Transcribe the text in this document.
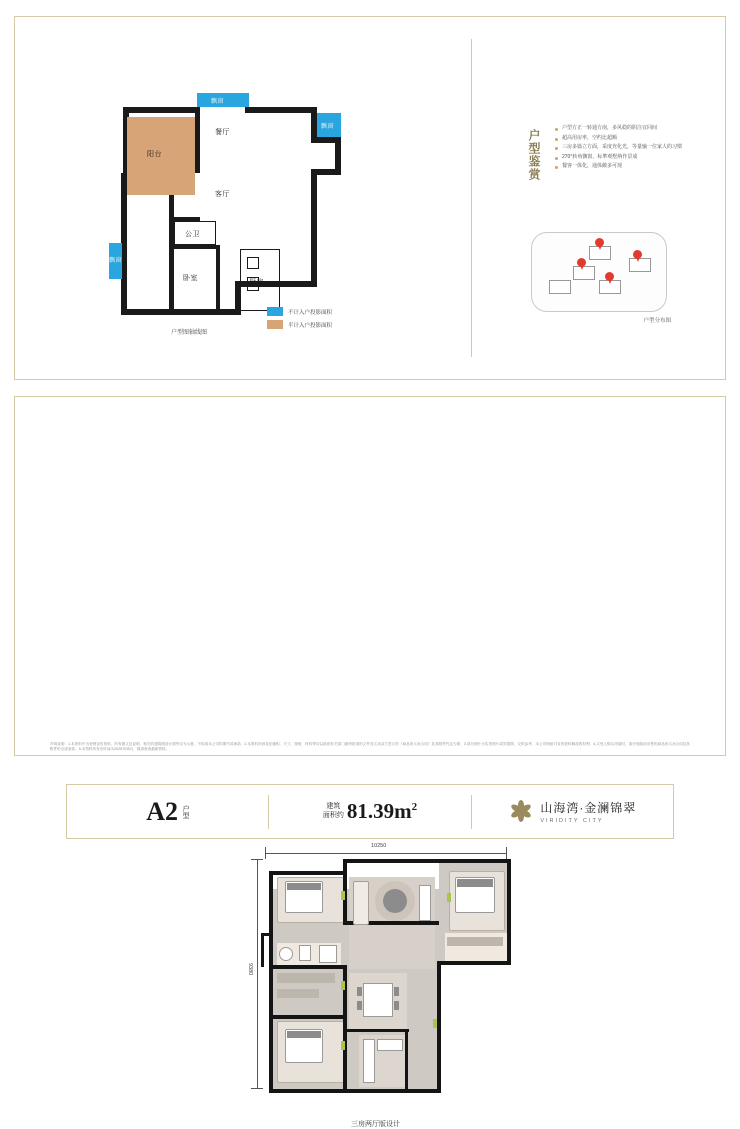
阳台
餐厅
客厅
公卫
卧室
厨房
飘窗
飘窗
飘窗
户型图轴线图
不计入户投影面积
半计入户投影面积
户型鉴赏
户型方正一转通方南，多风稳的阴注宜同间
超高用房率，空约比超额
三房多篇立方面，采度充化光，等量输一位家人的习惯
270°转角飘窗，标準观墅纳作景成
餐客一体化，通体敞多可现
户型分布图
10250
9380
三房两厅版设计
声明说明：1.本资料中为营销宣传资料，所有图文及说明，相关的建筑图设计图等仅为示意，不构成本公司的要约或承诺；2.本资料所涉及的面积、尺寸、规格、材料等均以政府有关部门最终批准的文件及买卖双方签订的《商品房买卖合同》及其附件约定为准；3.部分图片为实景照片或效果图，仅供参考，本公司保留对宣传资料修改的权利；4.买受人购买房屋时，请仔细阅读出售的商品房买卖合同及其附件的全部条款；5.本资料所发布时间为2025年05月，敬请查询最新资料。
A2 户型	建筑
面积约 $81.39m^2$	山海湾·金澜锦翠
VIRIDITY CITY
